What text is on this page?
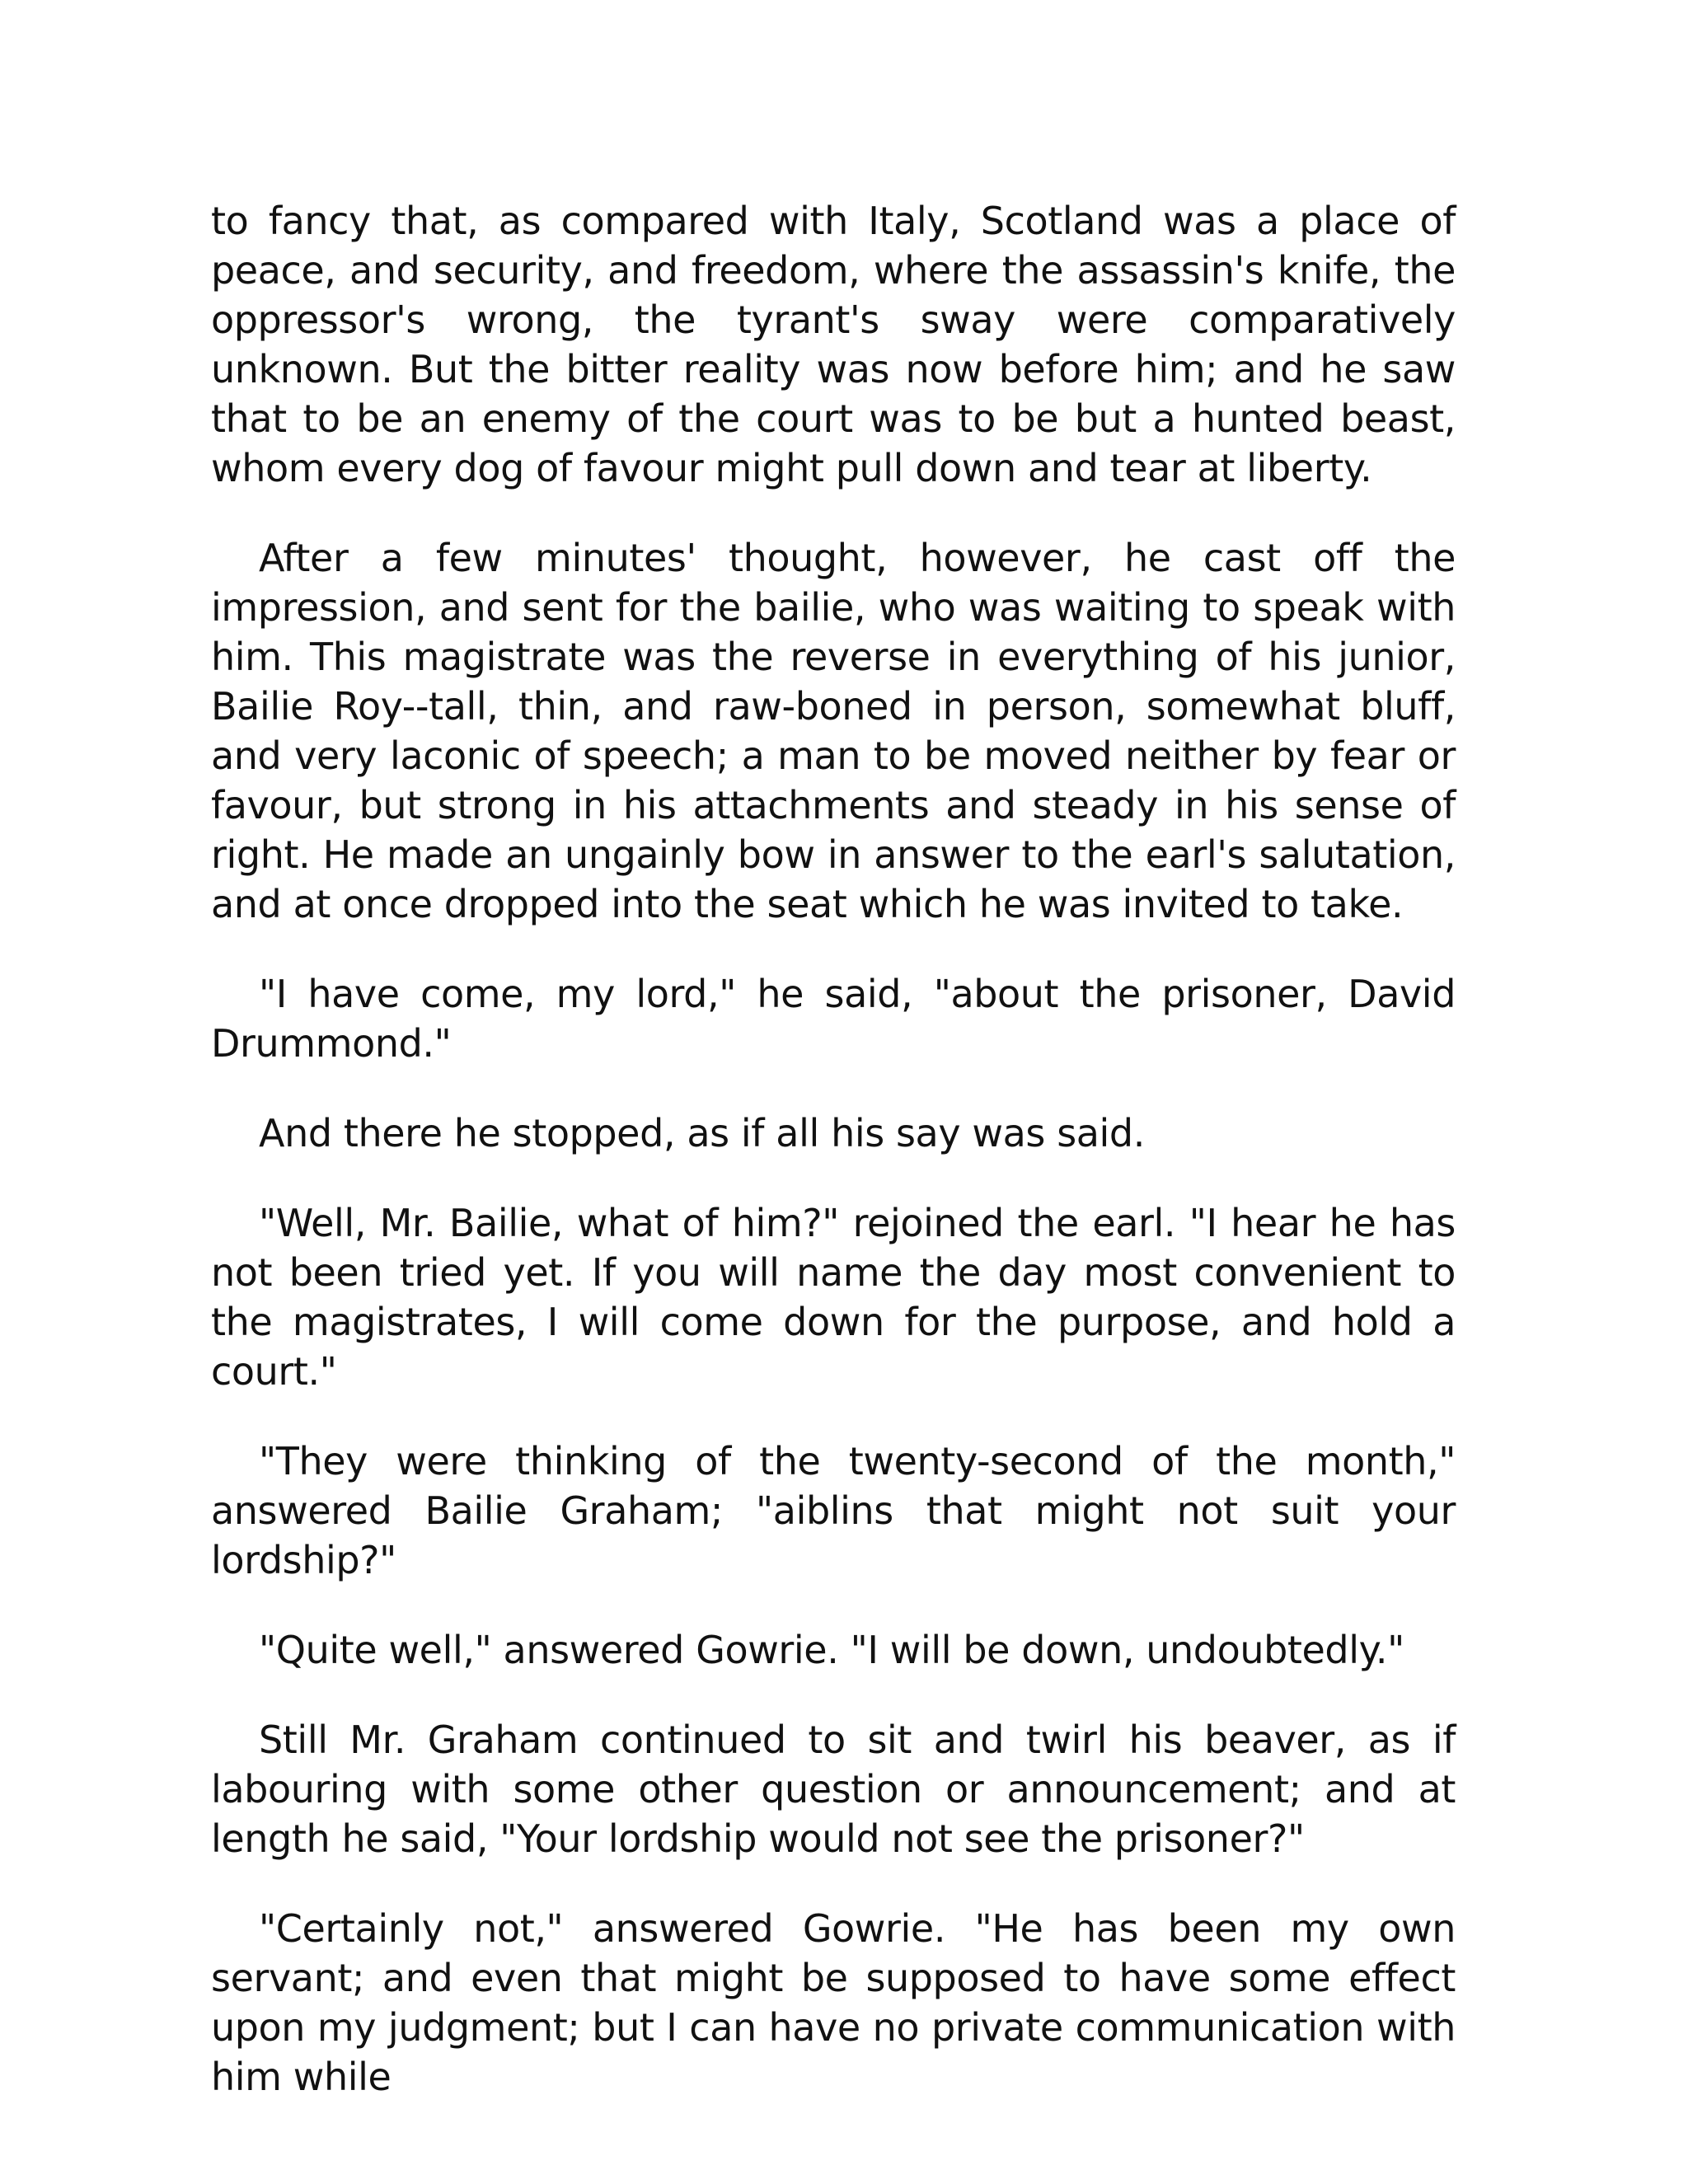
to fancy that, as compared with Italy, Scotland was a place of peace, and security, and freedom, where the assassin's knife, the oppressor's wrong, the tyrant's sway were comparatively unknown. But the bitter reality was now before him; and he saw that to be an enemy of the court was to be but a hunted beast, whom every dog of favour might pull down and tear at liberty.

After a few minutes' thought, however, he cast off the impression, and sent for the bailie, who was waiting to speak with him. This magistrate was the reverse in everything of his junior, Bailie Roy--tall, thin, and raw-boned in person, somewhat bluff, and very laconic of speech; a man to be moved neither by fear or favour, but strong in his attachments and steady in his sense of right. He made an ungainly bow in answer to the earl's salutation, and at once dropped into the seat which he was invited to take.

"I have come, my lord," he said, "about the prisoner, David Drummond."

And there he stopped, as if all his say was said.

"Well, Mr. Bailie, what of him?" rejoined the earl. "I hear he has not been tried yet. If you will name the day most convenient to the magistrates, I will come down for the purpose, and hold a court."

"They were thinking of the twenty-second of the month," answered Bailie Graham; "aiblins that might not suit your lordship?"

"Quite well," answered Gowrie. "I will be down, undoubtedly."

Still Mr. Graham continued to sit and twirl his beaver, as if labouring with some other question or announcement; and at length he said, "Your lordship would not see the prisoner?"

"Certainly not," answered Gowrie. "He has been my own servant; and even that might be supposed to have some effect upon my judgment; but I can have no private communication with him while
